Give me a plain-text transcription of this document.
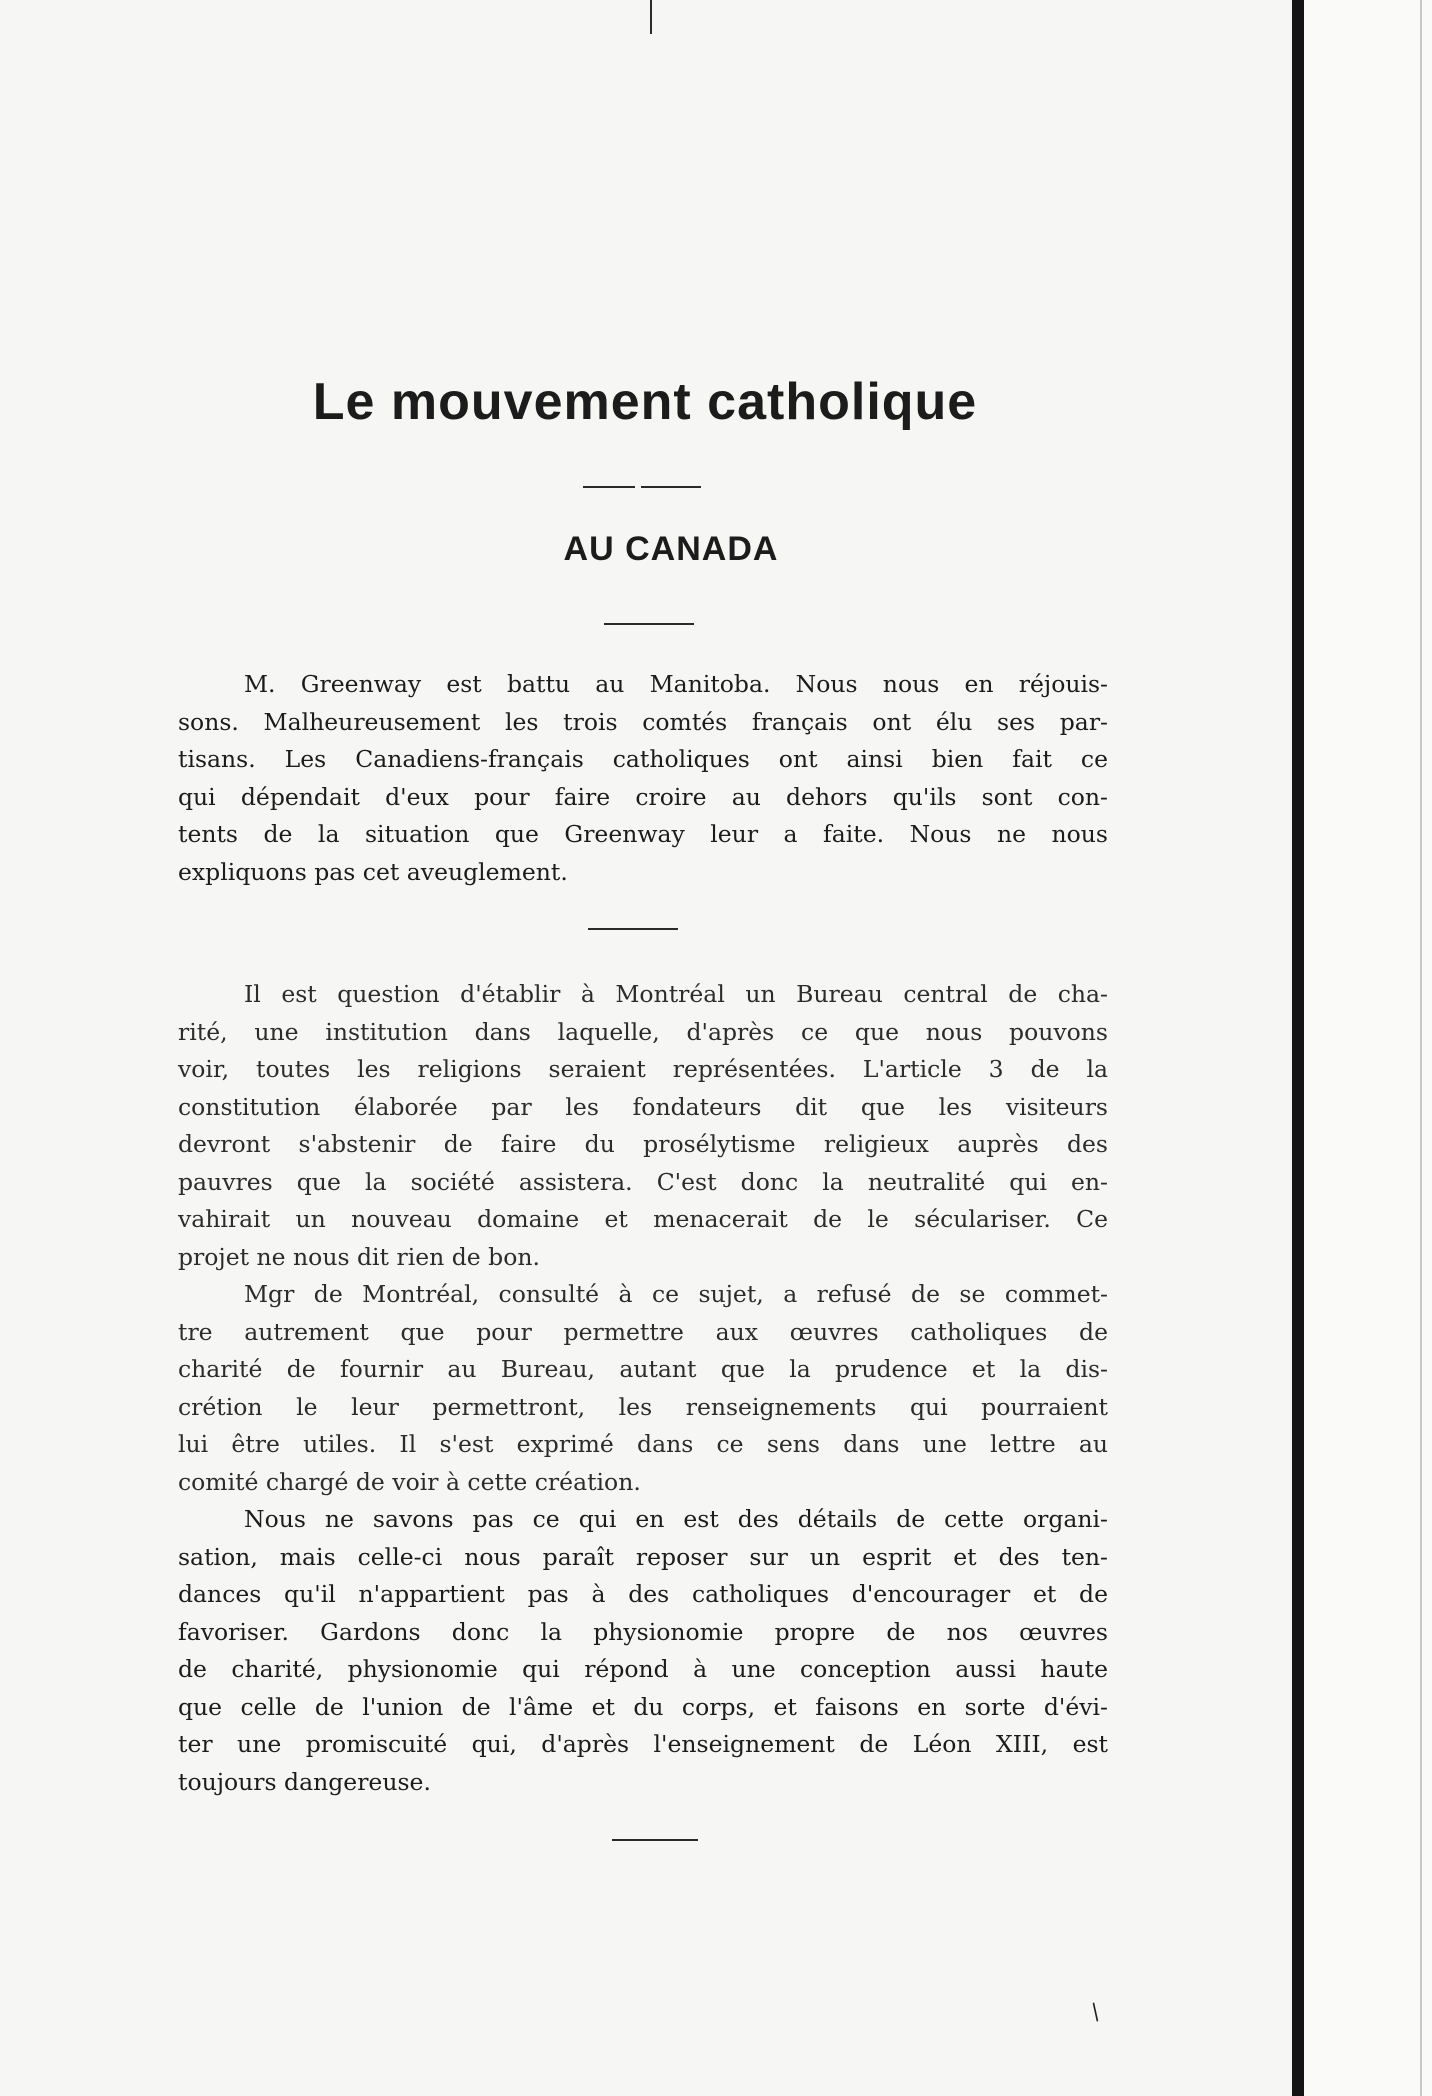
Le mouvement catholique
AU CANADA
M. Greenway est battu au Manitoba. Nous nous en réjouis-
sons. Malheureusement les trois comtés français ont élu ses par-
tisans. Les Canadiens-français catholiques ont ainsi bien fait ce
qui dépendait d'eux pour faire croire au dehors qu'ils sont con-
tents de la situation que Greenway leur a faite. Nous ne nous
expliquons pas cet aveuglement.
Il est question d'établir à Montréal un Bureau central de cha-
rité, une institution dans laquelle, d'après ce que nous pouvons
voir, toutes les religions seraient représentées. L'article 3 de la
constitution élaborée par les fondateurs dit que les visiteurs
devront s'abstenir de faire du prosélytisme religieux auprès des
pauvres que la société assistera. C'est donc la neutralité qui en-
vahirait un nouveau domaine et menacerait de le séculariser. Ce
projet ne nous dit rien de bon.
Mgr de Montréal, consulté à ce sujet, a refusé de se commet-
tre autrement que pour permettre aux œuvres catholiques de
charité de fournir au Bureau, autant que la prudence et la dis-
crétion le leur permettront, les renseignements qui pourraient
lui être utiles. Il s'est exprimé dans ce sens dans une lettre au
comité chargé de voir à cette création.
Nous ne savons pas ce qui en est des détails de cette organi-
sation, mais celle-ci nous paraît reposer sur un esprit et des ten-
dances qu'il n'appartient pas à des catholiques d'encourager et de
favoriser. Gardons donc la physionomie propre de nos œuvres
de charité, physionomie qui répond à une conception aussi haute
que celle de l'union de l'âme et du corps, et faisons en sorte d'évi-
ter une promiscuité qui, d'après l'enseignement de Léon XIII, est
toujours dangereuse.
/
